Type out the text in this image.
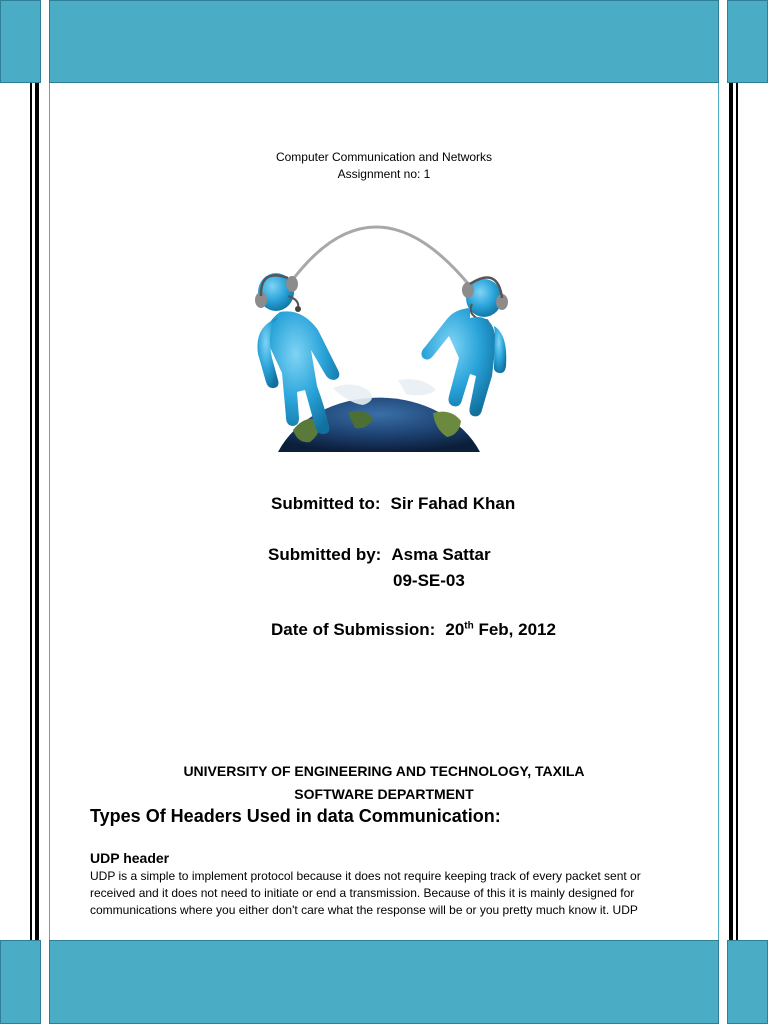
Computer Communication and Networks
Assignment no: 1
Submitted to: Sir Fahad Khan
Submitted by: Asma Sattar
09-SE-03
Date of Submission: 20th Feb, 2012
UNIVERSITY OF ENGINEERING AND TECHNOLOGY, TAXILA
SOFTWARE DEPARTMENT
Types Of Headers Used in data Communication:
UDP header
UDP is a simple to implement protocol because it does not require keeping track of every packet sent or
received and it does not need to initiate or end a transmission. Because of this it is mainly designed for
communications where you either don't care what the response will be or you pretty much know it. UDP
